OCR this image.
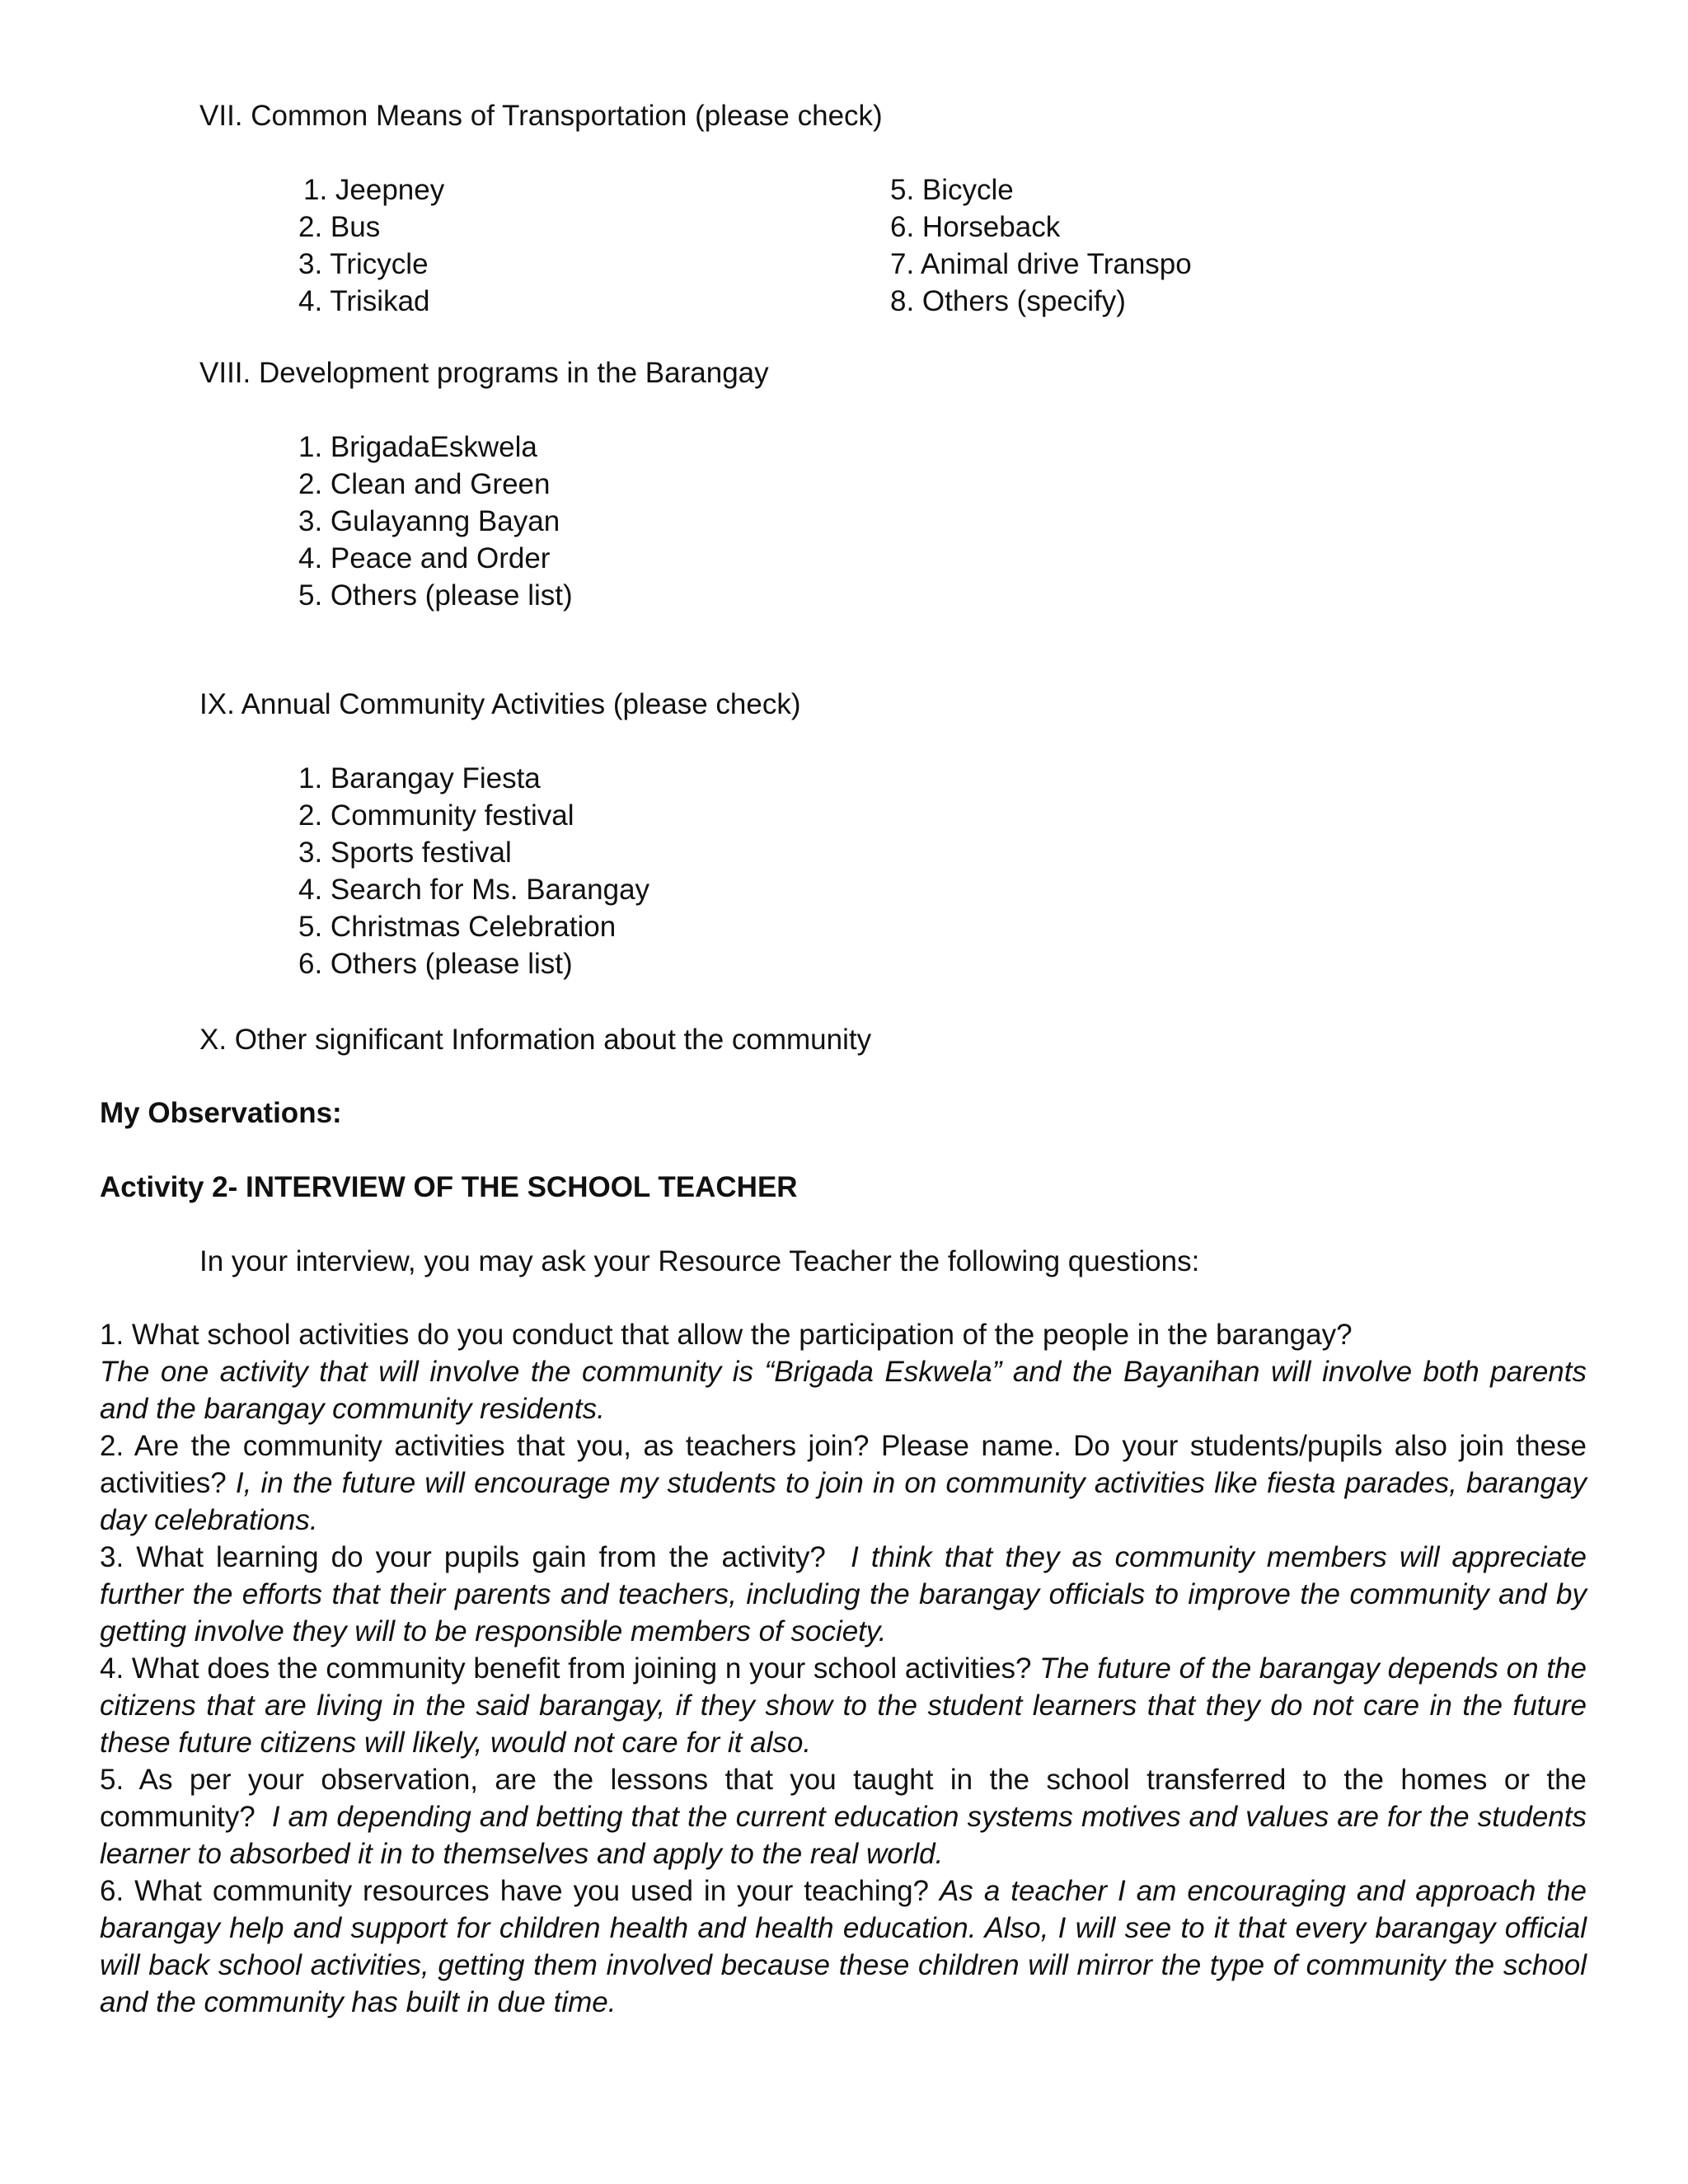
VII. Common Means of Transportation (please check)
1. Jeepney
2. Bus
3. Tricycle
4. Trisikad
5. Bicycle
6. Horseback
7. Animal drive Transpo
8. Others (specify)
VIII. Development programs in the Barangay
1. BrigadaEskwela
2. Clean and Green
3. Gulayanng Bayan
4. Peace and Order
5. Others (please list)
IX. Annual Community Activities (please check)
1. Barangay Fiesta
2. Community festival
3. Sports festival
4. Search for Ms. Barangay
5. Christmas Celebration
6. Others (please list)
X. Other significant Information about the community
My Observations:
Activity 2- INTERVIEW OF THE SCHOOL TEACHER
In your interview, you may ask your Resource Teacher the following questions:

1. What school activities do you conduct that allow the participation of the people in the barangay?
The one activity that will involve the community is “Brigada Eskwela” and the Bayanihan will involve both parents and the barangay community residents.

2. Are the community activities that you, as teachers join? Please name. Do your students/pupils also join these activities? I, in the future will encourage my students to join in on community activities like fiesta parades, barangay day celebrations.

3. What learning do your pupils gain from the activity? I think that they as community members will appreciate further the efforts that their parents and teachers, including the barangay officials to improve the community and by getting involve they will to be responsible members of society.

4. What does the community benefit from joining n your school activities? The future of the barangay depends on the citizens that are living in the said barangay, if they show to the student learners that they do not care in the future these future citizens will likely, would not care for it also.

5. As per your observation, are the lessons that you taught in the school transferred to the homes or the community? I am depending and betting that the current education systems motives and values are for the students learner to absorbed it in to themselves and apply to the real world.

6. What community resources have you used in your teaching? As a teacher I am encouraging and approach the barangay help and support for children health and health education. Also, I will see to it that every barangay official will back school activities, getting them involved because these children will mirror the type of community the school and the community has built in due time.
